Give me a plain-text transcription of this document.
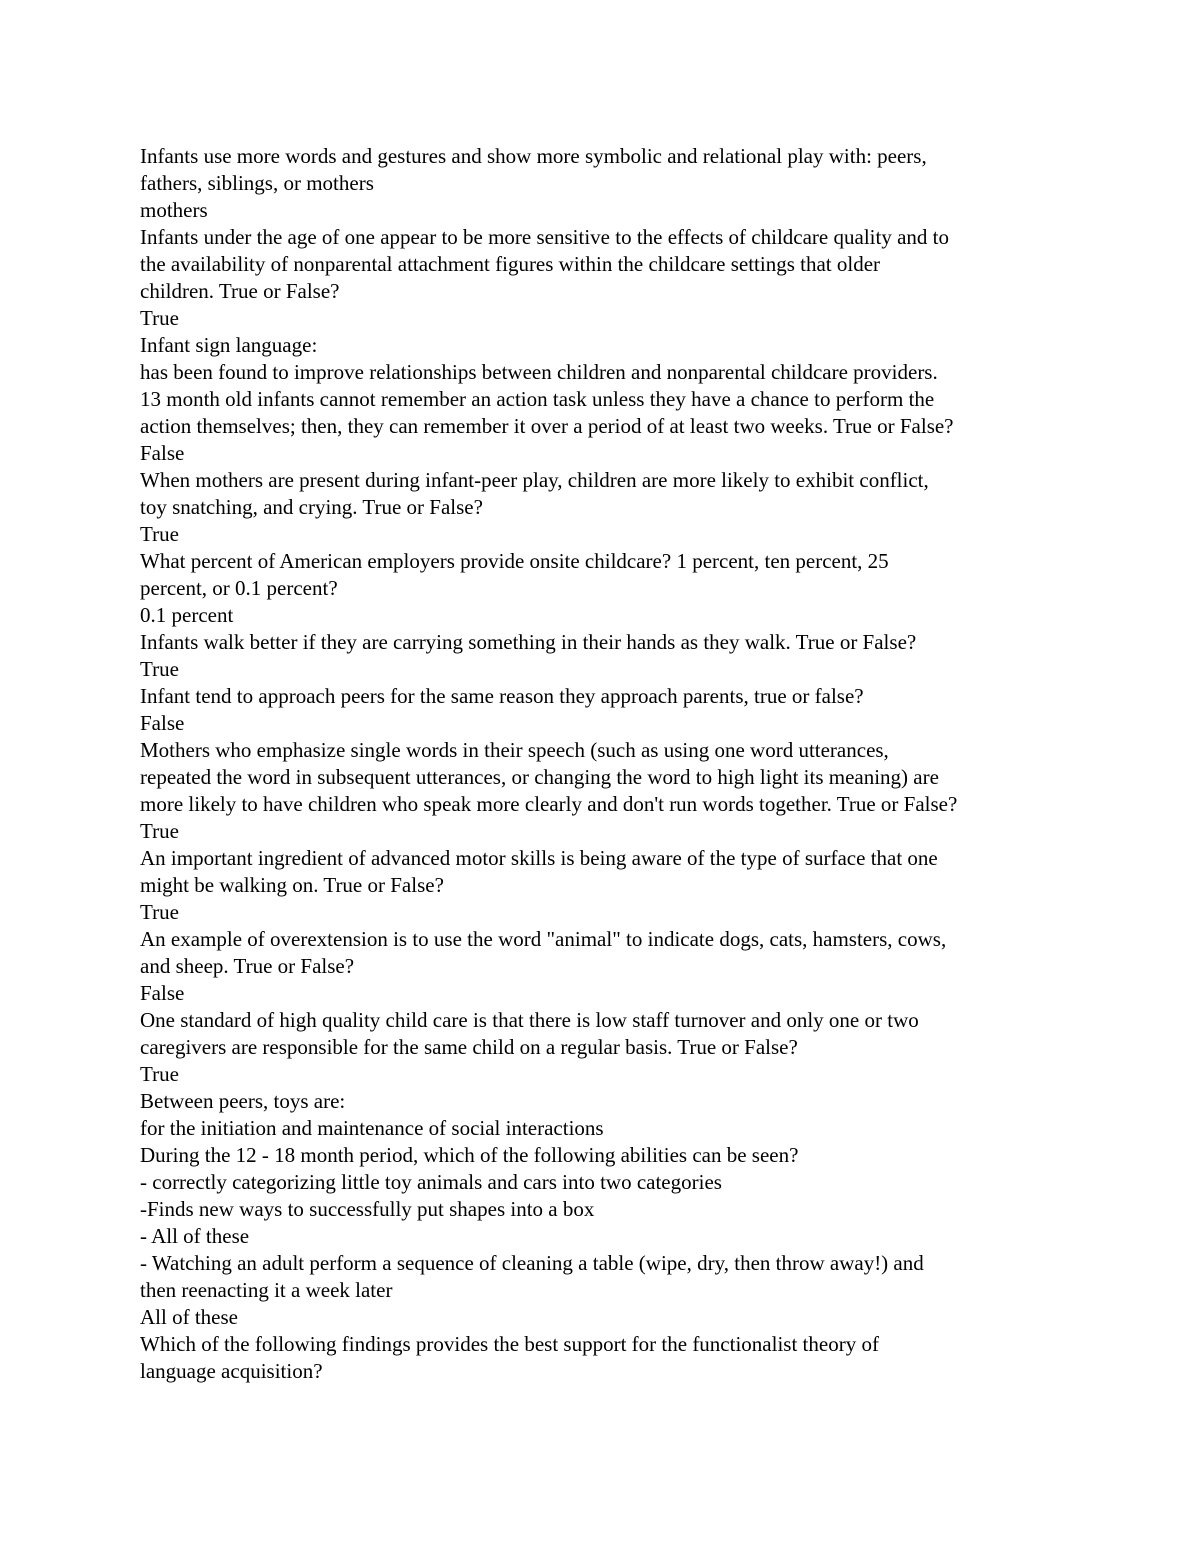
Infants use more words and gestures and show more symbolic and relational play with: peers,
fathers, siblings, or mothers
mothers
Infants under the age of one appear to be more sensitive to the effects of childcare quality and to
the availability of nonparental attachment figures within the childcare settings that older
children. True or False?
True
Infant sign language:
has been found to improve relationships between children and nonparental childcare providers.
13 month old infants cannot remember an action task unless they have a chance to perform the
action themselves; then, they can remember it over a period of at least two weeks. True or False?
False
When mothers are present during infant-peer play, children are more likely to exhibit conflict,
toy snatching, and crying. True or False?
True
What percent of American employers provide onsite childcare? 1 percent, ten percent, 25
percent, or 0.1 percent?
0.1 percent
Infants walk better if they are carrying something in their hands as they walk. True or False?
True
Infant tend to approach peers for the same reason they approach parents, true or false?
False
Mothers who emphasize single words in their speech (such as using one word utterances,
repeated the word in subsequent utterances, or changing the word to high light its meaning) are
more likely to have children who speak more clearly and don't run words together. True or False?
True
An important ingredient of advanced motor skills is being aware of the type of surface that one
might be walking on. True or False?
True
An example of overextension is to use the word "animal" to indicate dogs, cats, hamsters, cows,
and sheep. True or False?
False
One standard of high quality child care is that there is low staff turnover and only one or two
caregivers are responsible for the same child on a regular basis. True or False?
True
Between peers, toys are:
for the initiation and maintenance of social interactions
During the 12 - 18 month period, which of the following abilities can be seen?
- correctly categorizing little toy animals and cars into two categories
-Finds new ways to successfully put shapes into a box
- All of these
- Watching an adult perform a sequence of cleaning a table (wipe, dry, then throw away!) and
then reenacting it a week later
All of these
Which of the following findings provides the best support for the functionalist theory of
language acquisition?
